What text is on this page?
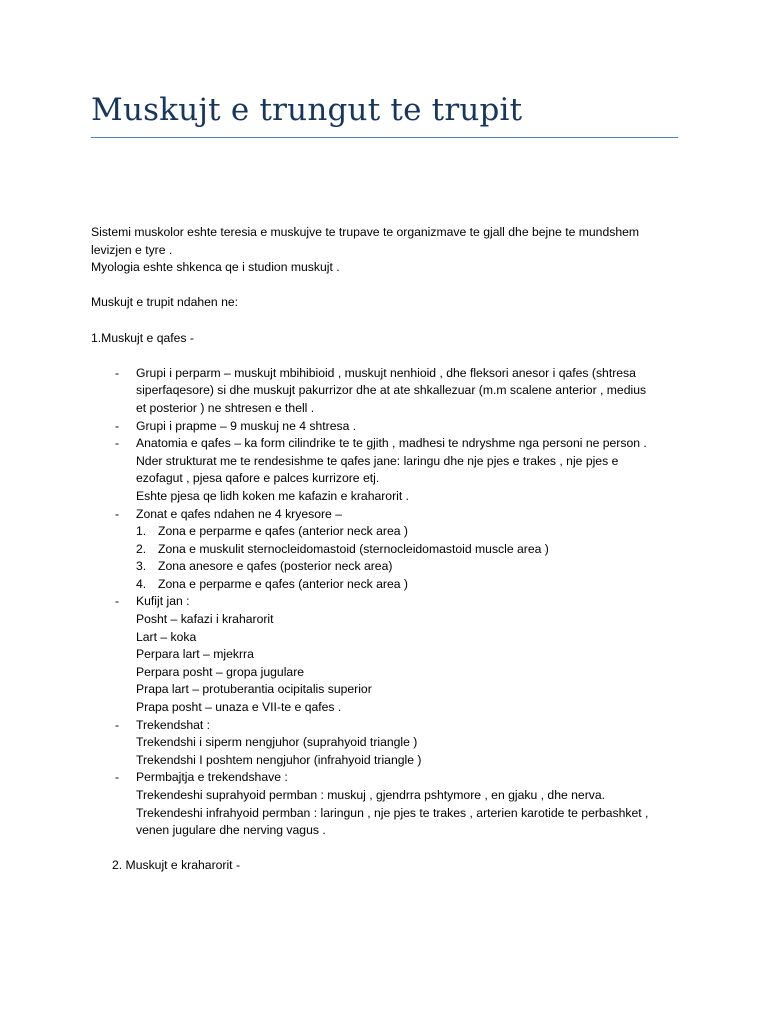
Muskujt e trungut te trupit

Sistemi muskolor eshte teresia e muskujve te trupave te organizmave te gjall dhe bejne te mundshem
levizjen e tyre .
Myologia eshte shkenca qe i studion muskujt .

Muskujt e trupit ndahen ne:

1.Muskujt e qafes -

- Grupi i perparm – muskujt mbihibioid , muskujt nenhioid , dhe fleksori anesor i qafes (shtresa
siperfaqesore) si dhe muskujt pakurrizor dhe at ate shkallezuar (m.m scalene anterior , medius
et posterior ) ne shtresen e thell .
- Grupi i prapme – 9 muskuj ne 4 shtresa .
- Anatomia e qafes – ka form cilindrike te te gjith , madhesi te ndryshme nga personi ne person .
Nder strukturat me te rendesishme te qafes jane: laringu dhe nje pjes e trakes , nje pjes e
ezofagut , pjesa qafore e palces kurrizore etj.
Eshte pjesa qe lidh koken me kafazin e kraharorit .
- Zonat e qafes ndahen ne 4 kryesore –
1. Zona e perparme e qafes (anterior neck area )
2. Zona e muskulit sternocleidomastoid (sternocleidomastoid muscle area )
3. Zona anesore e qafes (posterior neck area)
4. Zona e perparme e qafes (anterior neck area )
- Kufijt jan :
Posht – kafazi i kraharorit
Lart – koka
Perpara lart – mjekrra
Perpara posht – gropa jugulare
Prapa lart – protuberantia ocipitalis superior
Prapa posht – unaza e VII-te e qafes .
- Trekendshat :
Trekendshi i siperm nengjuhor (suprahyoid triangle )
Trekendshi I poshtem nengjuhor (infrahyoid triangle )
- Permbajtja e trekendshave :
Trekendeshi suprahyoid permban : muskuj , gjendrra pshtymore , en gjaku , dhe nerva.
Trekendeshi infrahyoid permban : laringun , nje pjes te trakes , arterien karotide te perbashket ,
venen jugulare dhe nerving vagus .

2. Muskujt e kraharorit -
